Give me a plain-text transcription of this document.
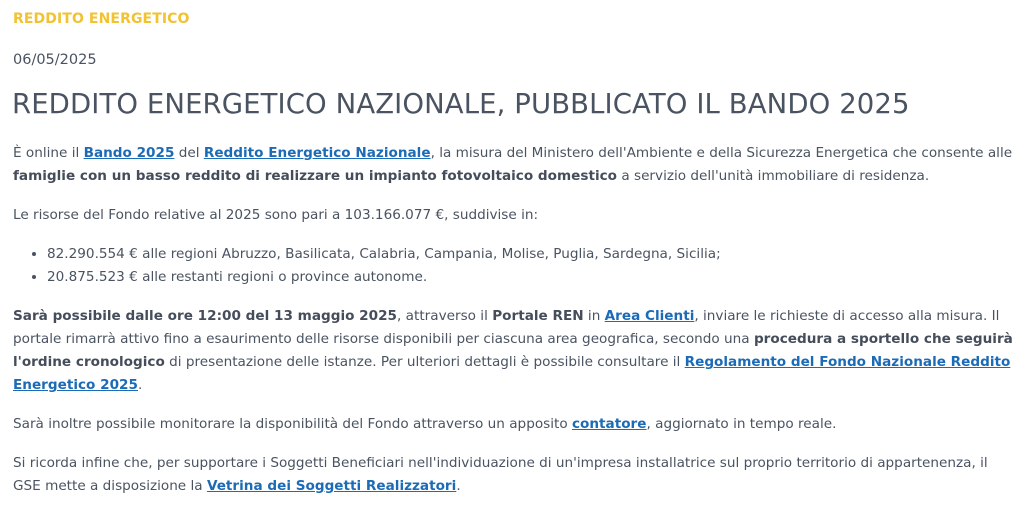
REDDITO ENERGETICO
06/05/2025
REDDITO ENERGETICO NAZIONALE, PUBBLICATO IL BANDO 2025

È online il Bando 2025 del Reddito Energetico Nazionale, la misura del Ministero dell'Ambiente e della Sicurezza Energetica che consente alle famiglie con un basso reddito di realizzare un impianto fotovoltaico domestico a servizio dell'unità immobiliare di residenza.

Le risorse del Fondo relative al 2025 sono pari a 103.166.077 €, suddivise in:

• 82.290.554 € alle regioni Abruzzo, Basilicata, Calabria, Campania, Molise, Puglia, Sardegna, Sicilia;
• 20.875.523 € alle restanti regioni o province autonome.

Sarà possibile dalle ore 12:00 del 13 maggio 2025, attraverso il Portale REN in Area Clienti, inviare le richieste di accesso alla misura. Il portale rimarrà attivo fino a esaurimento delle risorse disponibili per ciascuna area geografica, secondo una procedura a sportello che seguirà l'ordine cronologico di presentazione delle istanze. Per ulteriori dettagli è possibile consultare il Regolamento del Fondo Nazionale Reddito Energetico 2025.

Sarà inoltre possibile monitorare la disponibilità del Fondo attraverso un apposito contatore, aggiornato in tempo reale.

Si ricorda infine che, per supportare i Soggetti Beneficiari nell'individuazione di un'impresa installatrice sul proprio territorio di appartenenza, il GSE mette a disposizione la Vetrina dei Soggetti Realizzatori.
